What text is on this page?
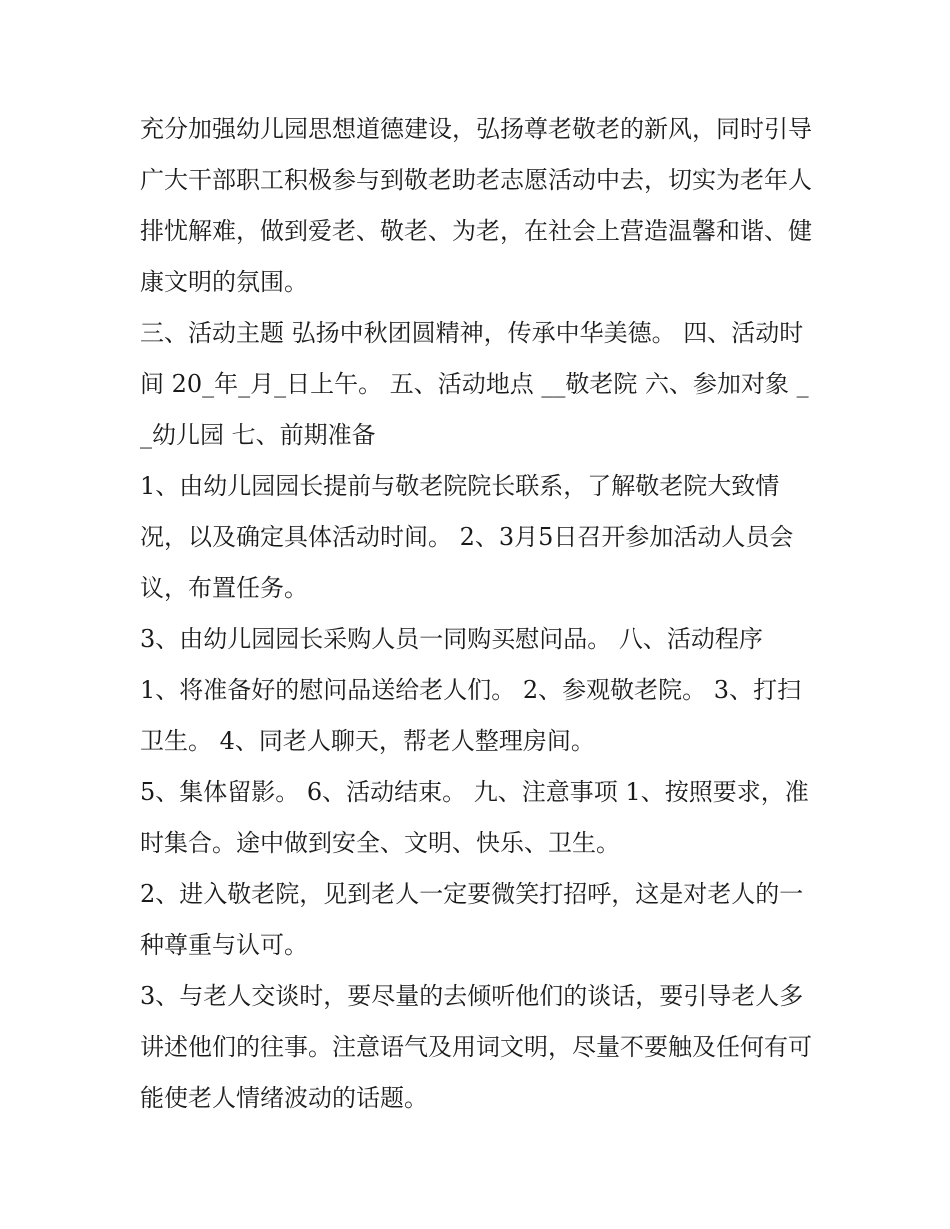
充分加强幼儿园思想道德建设，弘扬尊老敬老的新风，同时引导广大干部职工积极参与到敬老助老志愿活动中去，切实为老年人排忧解难，做到爱老、敬老、为老，在社会上营造温馨和谐、健康文明的氛围。

三、活动主题 弘扬中秋团圆精神，传承中华美德。 四、活动时间 20_年_月_日上午。 五、活动地点 __敬老院 六、参加对象 __幼儿园 七、前期准备

1、由幼儿园园长提前与敬老院院长联系，了解敬老院大致情况，以及确定具体活动时间。 2、3月5日召开参加活动人员会议，布置任务。

3、由幼儿园园长采购人员一同购买慰问品。 八、活动程序

1、将准备好的慰问品送给老人们。 2、参观敬老院。 3、打扫卫生。 4、同老人聊天，帮老人整理房间。

5、集体留影。 6、活动结束。 九、注意事项 1、按照要求，准时集合。途中做到安全、文明、快乐、卫生。

2、进入敬老院，见到老人一定要微笑打招呼，这是对老人的一种尊重与认可。

3、与老人交谈时，要尽量的去倾听他们的谈话，要引导老人多讲述他们的往事。注意语气及用词文明，尽量不要触及任何有可能使老人情绪波动的话题。
